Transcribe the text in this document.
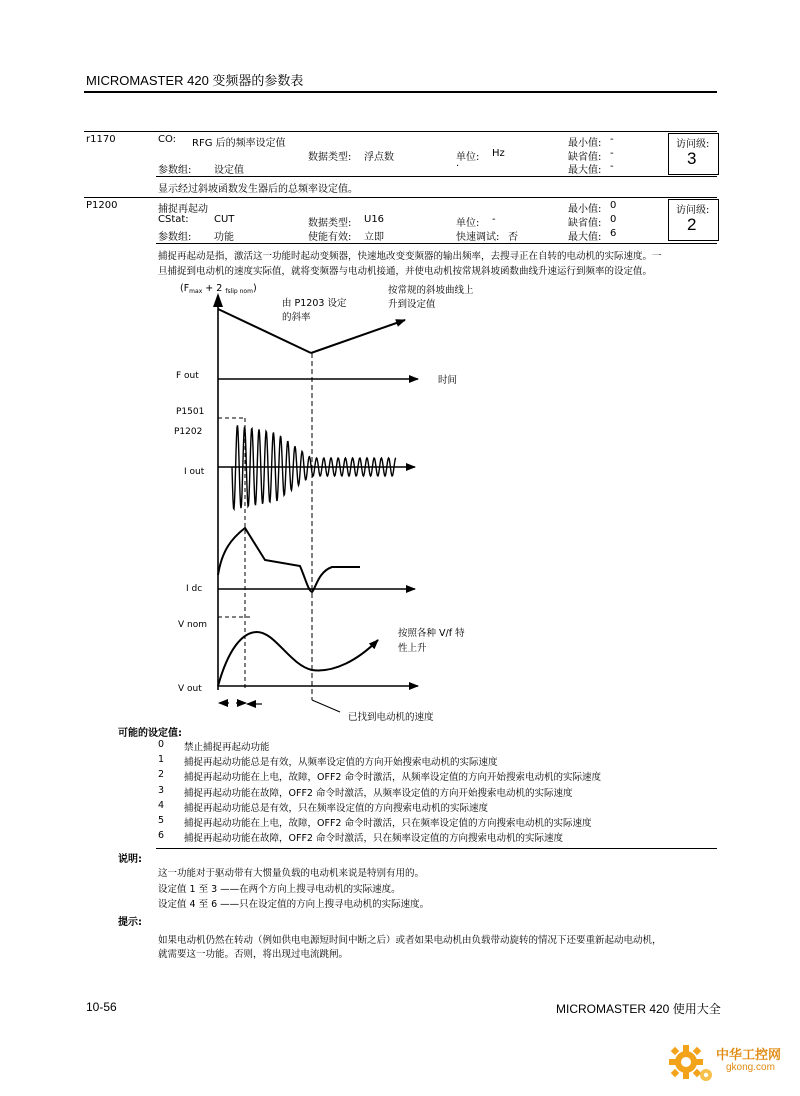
MICROMASTER 420 变频器的参数表
r1170	CO: RFG 后的频率设定值
数据类型: 浮点数	单位: Hz
参数组: 设定值	·
最小值: -
缺省值: -
最大值: -
访问级:
3
显示经过斜坡函数发生器后的总频率设定值。
P1200	捕捉再起动
CStat:	CUT
参数组: 功能
数据类型: U16
使能有效: 立即
单位: -
快速调试: 否
最小值: 0
缺省值: 0
最大值: 6
访问级:
2
捕捉再起动是指，激活这一功能时起动变频器，快速地改变变频器的输出频率，去搜寻正在自转的电动机的实际速度。一
旦捕捉到电动机的速度实际值，就将变频器与电动机接通，并使电动机按常规斜坡函数曲线升速运行到频率的设定值。
($F_{max} + 2$ $_{fslip nom}$)
由 P1203 设定
的斜率
按常规的斜坡曲线上
升到设定值
F out	时间
P1501
P1202
I out
I dc
V nom
按照各种 V/f 特
性上升
V out
已找到电动机的速度
可能的设定值:
0 禁止捕捉再起动功能
1 捕捉再起动功能总是有效，从频率设定值的方向开始搜索电动机的实际速度
2 捕捉再起动功能在上电，故障，OFF2 命令时激活，从频率设定值的方向开始搜索电动机的实际速度
3 捕捉再起动功能在故障，OFF2 命令时激活，从频率设定值的方向开始搜索电动机的实际速度
4 捕捉再起动功能总是有效，只在频率设定值的方向搜索电动机的实际速度
5 捕捉再起动功能在上电，故障，OFF2 命令时激活，只在频率设定值的方向搜索电动机的实际速度
6 捕捉再起动功能在故障，OFF2 命令时激活，只在频率设定值的方向搜索电动机的实际速度
说明:
这一功能对于驱动带有大惯量负载的电动机来说是特别有用的。
设定值 1 至 3 ——在两个方向上搜寻电动机的实际速度。
设定值 4 至 6 ——只在设定值的方向上搜寻电动机的实际速度。
提示:
如果电动机仍然在转动（例如供电电源短时间中断之后）或者如果电动机由负载带动旋转的情况下还要重新起动电动机，
就需要这一功能。否则，将出现过电流跳闸。
10-56	MICROMASTER 420 使用大全
中华工控网
gkong.com
